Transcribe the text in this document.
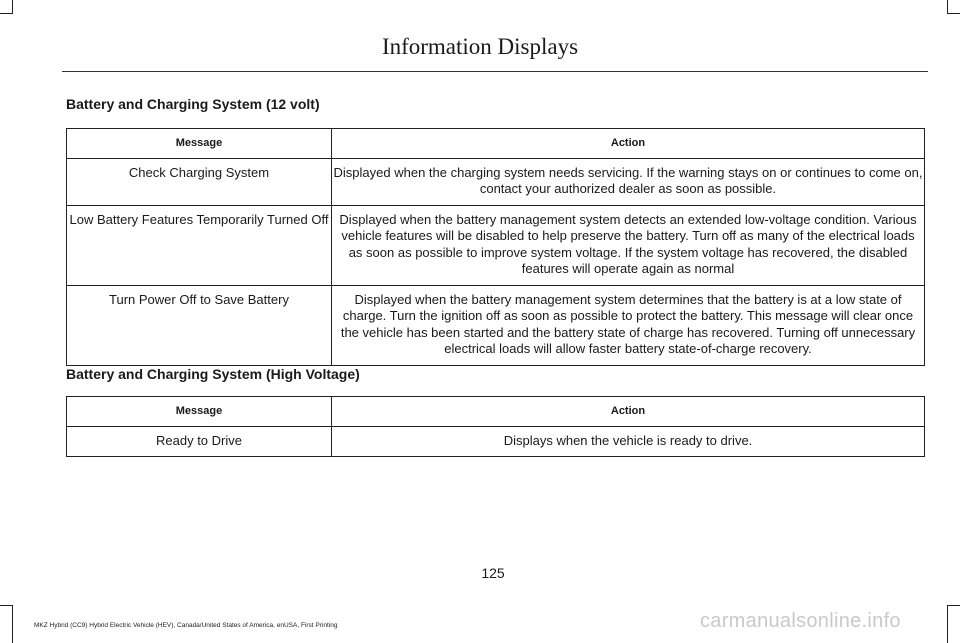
Information Displays
Battery and Charging System (12 volt)
Message	Action
Check Charging System	Displayed when the charging system needs servicing. If the warning stays on or continues to come on, contact your authorized dealer as soon as possible.
Low Battery Features Temporarily Turned Off	Displayed when the battery management system detects an extended low-voltage condition. Various vehicle features will be disabled to help preserve the battery. Turn off as many of the electrical loads as soon as possible to improve system voltage. If the system voltage has recovered, the disabled features will operate again as normal
Turn Power Off to Save Battery	Displayed when the battery management system determines that the battery is at a low state of charge. Turn the ignition off as soon as possible to protect the battery. This message will clear once the vehicle has been started and the battery state of charge has recovered. Turning off unnecessary electrical loads will allow faster battery state-of-charge recovery.
Battery and Charging System (High Voltage)
Message	Action
Ready to Drive	Displays when the vehicle is ready to drive.
125
MKZ Hybrid (CC9) Hybrid Electric Vehicle (HEV), Canada/United States of America, enUSA, First Printing	carmanualsonline.info
